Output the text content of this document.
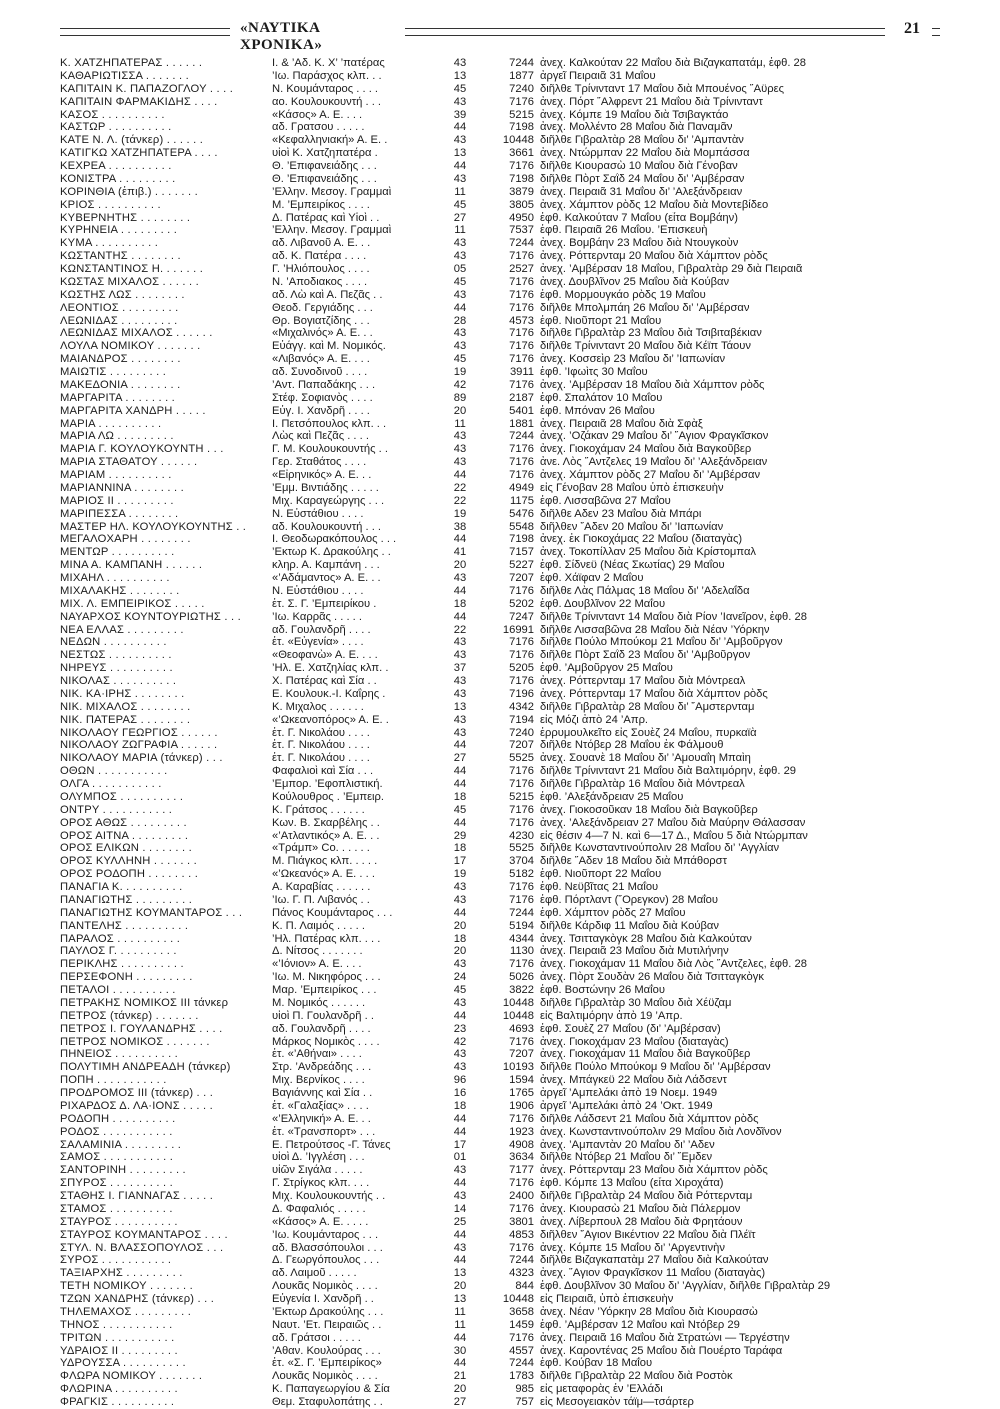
«ΝΑΥΤΙΚΑ ΧΡΟΝΙΚΑ»
21
Κ. ΧΑΤΖΗΠΑΤΕΡΑΣ . . . . . .	I. & ’Αδ. Κ. Χ’ ’πατέρας	43	7244 ἀνεχ. Καλκούταν 22 Μαΐου διὰ Βιζαγκαπατάμ, ἐφθ. 28
ΚΑΘΑΡΙΩΤΙΣΣΑ . . . . . . .	’Ιω. Παράσχος κλπ. . .	13	1877 ἀργεῖ Πειραιᾶ 31 Μαΐου
ΚΑΠΙΤΑΙΝ Κ. ΠΑΠΑΖΟΓΛΟΥ . . . .	Ν. Κουμάνταρος . . . .	45	7240 διῆλθε Τρίνινταντ 17 Μαΐου διὰ Μπουένος ῎Αϋρες
ΚΑΠΙΤΑΙΝ ΦΑΡΜΑΚΙΔΗΣ . . . .	αο. Κουλουκουντή . . .	43	7176 ἀνεχ. Πόρτ ῎Αλφρεντ 21 Μαΐου διὰ Τρίνινταντ
ΚΑΣΟΣ . . . . . . . . . .	«Κάσος» Α. Ε. . . .	39	5215 ἀνεχ. Κόμπε 19 Μαΐου διὰ Τσιβαγκτάο
ΚΑΣΤΩΡ . . . . . . . . . .	αδ. Γρατσου . . . . .	44	7198 ἀνεχ. Μολλέντο 28 Μαΐου διὰ Παναμᾶν
ΚΑΤΕ Ν. Λ. (τάνκερ) . . . . . .	«Κεφαλληνιακή» Α. Ε. .	43	10448 διῆλθε Γιβραλτὰρ 28 Μαΐου δι’ ’Αμπαντὰν
ΚΑΤΙΓΚΩ ΧΑΤΖΗΠΑΤΕΡΑ . . . .	υἱοὶ Κ. Χατζηπατέρα .	13	3661 ἀνεχ. Ντώρμπαν 22 Μαΐου διὰ Μομπάσσα
ΚΕΧΡΕΑ . . . . . . . . . .	Θ. ’Επιφανειάδης . . .	44	7176 διῆλθε Κιουρασὼ 10 Μαΐου διὰ Γένοβαν
ΚΟΝΙΣΤΡΑ . . . . . . . . .	Θ. ’Επιφανειάδης . . .	43	7198 διῆλθε Πὸρτ Σαῒδ 24 Μαΐου δι’ ’Αμβέρσαν
ΚΟΡΙΝΘΙΑ (ἐπιβ.) . . . . . . .	’Ελλην. Μεσογ. Γραμμαὶ	11	3879 ἀνεχ. Πειραιᾶ 31 Μαΐου δι’ ’Αλεξάνδρειαν
ΚΡΙΟΣ . . . . . . . . . .	Μ. ’Εμπειρίκος . . . .	45	3805 ἀνεχ. Χάμπτον ρὸδς 12 Μαΐου διὰ Μοντεβίδεο
ΚΥΒΕΡΝΗΤΗΣ . . . . . . . .	Δ. Πατέρας καὶ Υἱοὶ . .	27	4950 ἐφθ. Καλκούταν 7 Μαΐου (εἶτα Βομβάην)
ΚΥΡΗΝΕΙΑ . . . . . . . . .	’Ελλην. Μεσογ. Γραμμαὶ	11	7537 ἐφθ. Πειραιᾶ 26 Μαΐου. ’Επισκευὴ
ΚΥΜΑ . . . . . . . . . .	αδ. Λιβανοῦ Α. Ε. . .	43	7244 ἀνεχ. Βομβάην 23 Μαΐου διὰ Ντουγκοὺν
ΚΩΣΤΑΝΤΗΣ . . . . . . . .	αδ. Κ. Πατέρα . . . .	43	7176 ἀνεχ. Ρόττερνταμ 20 Μαΐου διὰ Χάμπτον ρὸδς
ΚΩΝΣΤΑΝΤΙΝΟΣ Η. . . . . . .	Γ. ’Ηλιόπουλος . . . .	05	2527 ἀνεχ. ’Αμβέρσαν 18 Μαΐου, Γιβραλτὰρ 29 διὰ Πειραιᾶ
ΚΩΣΤΑΣ ΜΙΧΑΛΟΣ . . . . . .	Ν. ’Αποδιακος . . . .	45	7176 ἀνεχ. Δουβλῖνον 25 Μαΐου διὰ Κούβαν
ΚΩΣΤΗΣ ΛΩΣ . . . . . . . .	αδ. Λὼ καὶ Α. Πεζᾶς . .	43	7176 ἐφθ. Μορμουγκάο ρὸδς 19 Μαΐου
ΛΕΟΝΤΙΟΣ . . . . . . . . .	Θεοδ. Γεργιάδης . . .	44	7176 διῆλθε Μπολμπάη 26 Μαΐου δι’ ’Αμβέρσαν
ΛΕΩΝΙΔΑΣ . . . . . . . . .	Θρ. Βογιατζίδης . . .	28	4573 ἐφθ. Νιοῦπορτ 21 Μαΐου
ΛΕΩΝΙΔΑΣ ΜΙΧΑΛΟΣ . . . . . .	«Μιχαλινός» Α. Ε. . .	43	7176 διῆλθε Γιβραλτὰρ 23 Μαΐου διὰ Τσιβιταβέκιαν
ΛΟΥΛΑ ΝΟΜΙΚΟΥ . . . . . . .	Εὐάγγ. καὶ Μ. Νομικός.	43	7176 διῆλθε Τρίνινταντ 20 Μαΐου διὰ Κέϊπ Τάουν
ΜΑΙΑΝΔΡΟΣ . . . . . . . .	«Λιβανός» Α. Ε. . . .	45	7176 ἀνεχ. Κοσσεὶρ 23 Μαΐου δι’ ’Ιαπωνίαν
ΜΑΙΩΤΙΣ . . . . . . . . .	αδ. Συνοδινοῦ . . . .	19	3911 ἐφθ. ’Ιφωὶτς 30 Μαΐου
ΜΑΚΕΔΟΝΙΑ . . . . . . . .	’Αντ. Παπαδάκης . . .	42	7176 ἀνεχ. ’Αμβέρσαν 18 Μαΐου διὰ Χάμπτον ρὸδς
ΜΑΡΓΑΡΙΤΑ . . . . . . . .	Στέφ. Σοφιανὸς . . . .	89	2187 ἐφθ. Σπαλάτον 10 Μαΐου
ΜΑΡΓΑΡΙΤΑ ΧΑΝΔΡΗ . . . . .	Εὐγ. Ι. Χανδρῆ . . . .	20	5401 ἐφθ. Μπόναν 26 Μαΐου
ΜΑΡΙΑ . . . . . . . . . .	Ι. Πετσόπουλος κλπ. . .	11	1881 ἀνεχ. Πειραιᾶ 28 Μαΐου διὰ Σφὰξ
ΜΑΡΙΑ ΛΩ . . . . . . . . .	Λὼς καὶ Πεζᾶς . . . .	43	7244 ἀνεχ. ’Οζάκαν 29 Μαΐου δι’ ῞Αγιον Φραγκῖσκον
ΜΑΡΙΑ Γ. ΚΟΥΛΟΥΚΟΥΝΤΗ . . .	Γ. Μ. Κουλουκουντής . .	43	7176 ἀνεχ. Γιοκοχάμαν 24 Μαΐου διὰ Βαγκοῦβερ
ΜΑΡΙΑ ΣΤΑΘΑΤΟΥ . . . . . .	Γερ. Σταθάτος . . . .	43	7176 ἀνε. Λὸς ῎Αντζελες 19 Μαΐου δι’ ’Αλεξάνδρειαν
ΜΑΡΙΑΜ . . . . . . . . . .	«Εἰρηνικός» Α. Ε. . .	44	7176 ἀνεχ. Χάμπτον ρὸδς 27 Μαΐου δι’ ’Αμβέρσαν
ΜΑΡΙΑΝΝΙΝΑ . . . . . . . .	’Εμμ. Βιντιάδης . . . . .	22	4949 εἰς Γένοβαν 28 Μαΐου ὑπὸ ἐπισκευὴν
ΜΑΡΙΟΣ ΙΙ . . . . . . . . .	Μιχ. Καραγεώργης . . .	22	1175 ἐφθ. Λισσαβῶνα 27 Μαΐου
ΜΑΡΙΠΕΣΣΑ . . . . . . . .	Ν. Εὐστάθιου . . . .	19	5476 διῆλθε Αδεν 23 Μαΐου διὰ Μπάρι
ΜΑΣΤΕΡ ΗΛ. ΚΟΥΛΟΥΚΟΥΝΤΗΣ . .	αδ. Κουλουκουντή . . .	38	5548 διῆλθεν ῎Αδεν 20 Μαΐου δι’ ’Ιαπωνίαν
ΜΕΓΑΛΟΧΑΡΗ . . . . . . . .	Ι. Θεοδωρακόπουλος . . .	44	7198 ἀνεχ. ἐκ Γιοκοχάμας 22 Μαΐου (διαταγὰς)
ΜΕΝΤΩΡ . . . . . . . . . .	’Εκτωρ Κ. Δρακούλης . .	41	7157 ἀνεχ. Τοκοπίλλαν 25 Μαΐου διὰ Κρίστομπαλ
ΜΙΝΑ Α. ΚΑΜΠΑΝΗ . . . . . .	κληρ. Α. Καμπάνη . . .	20	5227 ἐφθ. Σίδνεϋ (Νέας Σκωτίας) 29 Μαΐου
ΜΙΧΑΗΛ . . . . . . . . . .	«’Αδάμαντος» Α. Ε. . .	43	7207 ἐφθ. Χάϊφαν 2 Μαΐου
ΜΙΧΑΛΑΚΗΣ . . . . . . . .	Ν. Εὐστάθιου . . . .	44	7176 διῆλθε Λὰς Πάλμας 18 Μαΐου δι’ ’Αδελαΐδα
ΜΙΧ. Λ. ΕΜΠΕΙΡΙΚΟΣ . . . . .	ἐτ. Σ. Γ. ’Εμπειρίκου .	18	5202 ἐφθ. Δουβλῖνον 22 Μαΐου
ΝΑΥΑΡΧΟΣ ΚΟΥΝΤΟΥΡΙΩΤΗΣ . . .	’Ιω. Καρρᾶς . . . . .	44	7247 διῆλθε Τρίνινταντ 14 Μαΐου διὰ Ρίον ’Ιανεῖρον, ἐφθ. 28
ΝΕΑ ΕΛΛΑΣ . . . . . . . . .	αδ. Γουλανδρῆ . . . .	22	16991 διῆλθε Λισσαβῶνα 28 Μαΐου διὰ Νέαν ’Υόρκην
ΝΕΔΩΝ . . . . . . . . . .	ἐτ. «Εὐγενία» . . . .	43	7176 διῆλθε Πούλο Μπούκομ 21 Μαΐου δι’ ’Αμβοῦργον
ΝΕΣΤΩΣ . . . . . . . . . .	«Θεοφανὼ» Α. Ε. . . .	43	7176 διῆλθε Πὸρτ Σαῒδ 23 Μαΐου δι’ ’Αμβοῦργον
ΝΗΡΕΥΣ . . . . . . . . . .	’Ηλ. Ε. Χατζηλίας κλπ. .	37	5205 ἐφθ. ’Αμβοῦργον 25 Μαΐου
ΝΙΚΟΛΑΣ . . . . . . . . . .	Χ. Πατέρας καὶ Σία . .	43	7176 ἀνεχ. Ρόττερνταμ 17 Μαΐου διὰ Μόντρεαλ
ΝΙΚ. ΚΑ·ΙΡΗΣ . . . . . . . .	Ε. Κουλουκ.-Ι. Καΐρης .	43	7196 ἀνεχ. Ρόττερνταμ 17 Μαΐου διὰ Χάμπτον ρὸδς
ΝΙΚ. ΜΙΧΑΛΟΣ . . . . . . . .	Κ. Μιχαλος . . . . . .	13	4342 διῆλθε Γιβραλτὰρ 28 Μαΐου δι’ ῎Αμστερνταμ
ΝΙΚ. ΠΑΤΕΡΑΣ . . . . . . . .	«’Ωκεανοπόρος» Α. Ε. .	43	7194 εἰς Μόζι ἀπὸ 24 ’Απρ.
ΝΙΚΟΛΑΟΥ ΓΕΩΡΓΙΟΣ . . . . . .	ἐτ. Γ. Νικολάου . . . .	43	7240 ἐρρυμουλκεῖτο εἰς Σουὲζ 24 Μαΐου, πυρκαϊὰ
ΝΙΚΟΛΑΟΥ ΖΩΓΡΑΦΙΑ . . . . . .	ἐτ. Γ. Νικολάου . . . .	44	7207 διῆλθε Ντόβερ 28 Μαΐου ἐκ Φάλμουθ
ΝΙΚΟΛΑΟΥ ΜΑΡΙΑ (τάνκερ) . . .	ἐτ. Γ. Νικολάου . . . .	27	5525 ἀνεχ. Σουανὲ 18 Μαΐου δι’ ’Αμουαΐη Μπαὶη
ΟΘΩΝ . . . . . . . . . . .	Φαφαλιοὶ καὶ Σία . . .	44	7176 διῆλθε Τρίνινταντ 21 Μαΐου διὰ Βαλτιμόρην, ἐφθ. 29
ΟΛΓΑ . . . . . . . . . . .	’Εμπορ. ’Εφοπλιστική.	44	7176 διῆλθε Γιβραλτὰρ 16 Μαΐου διὰ Μόντρεαλ
ΟΛΥΜΠΟΣ . . . . . . . . . .	Κούλουθρος . ’Εμπειρ.	18	5215 ἐφθ. ’Αλεξάνδρειαν 25 Μαΐου
ΟΝΤΡΥ . . . . . . . . . . .	Κ. Γράτσος . . . . . .	45	7176 ἀνεχ. Γιοκοσοῦκαν 18 Μαΐου διὰ Βαγκοῦβερ
ΟΡΟΣ ΑΘΩΣ . . . . . . . . .	Κων. Β. Σκαρβέλης . .	44	7176 ἀνεχ. ’Αλεξάνδρειαν 27 Μαΐου διὰ Μαύρην Θάλασσαν
ΟΡΟΣ ΑΙΤΝΑ . . . . . . . . .	«’Ατλαντικός» Α. Ε. . .	29	4230 εἰς θέσιν 4—7 Ν. καὶ 6—17 Δ., Μαΐου 5 διὰ Ντώρμπαν
ΟΡΟΣ ΕΛΙΚΩΝ . . . . . . . .	«Τράμπ» Co. . . . . .	18	5525 διῆλθε Κωνσταντινούπολιν 28 Μαΐου δι’ ’Αγγλίαν
ΟΡΟΣ ΚΥΛΛΗΝΗ . . . . . . .	Μ. Πιάγκος κλπ. . . . .	17	3704 διῆλθε ῎Αδεν 18 Μαΐου διὰ Μπάθορστ
ΟΡΟΣ ΡΟΔΟΠΗ . . . . . . . .	«’Ωκεανός» Α. Ε. . . .	19	5182 ἐφθ. Νιοῦπορτ 22 Μαΐου
ΠΑΝΑΓΙΑ Κ. . . . . . . . . .	Α. Καραβίας . . . . . .	43	7176 ἐφθ. Νεϋβῖτας 21 Μαΐου
ΠΑΝΑΓΙΩΤΗΣ . . . . . . . . .	’Ιω. Γ. Π. Λιβανός . .	43	7176 ἐφθ. Πόρτλαντ (῎Ορεγκον) 28 Μαΐου
ΠΑΝΑΓΙΩΤΗΣ ΚΟΥΜΑΝΤΑΡΟΣ . . .	Πάνος Κουμάνταρος . . .	44	7244 ἐφθ. Χάμπτον ρὸδς 27 Μαΐου
ΠΑΝΤΕΛΗΣ . . . . . . . . . .	Κ. Π. Λαιμός . . . . .	20	5194 διῆλθε Κάρδιφ 11 Μαΐου διὰ Κούβαν
ΠΑΡΑΛΟΣ . . . . . . . . . .	’Ηλ. Πατέρας κλπ. . . .	18	4344 ἀνεχ. Τσιτταγκὸγκ 28 Μαΐου διὰ Καλκούταν
ΠΑΥΛΟΣ Γ. . . . . . . . . .	Δ. Νίτσος . . . . . . .	20	1130 ἀνεχ. Πειραιᾶ 23 Μαΐου διὰ Μυτιλήνην
ΠΕΡΙΚΛΗΣ . . . . . . . . . .	«’Ιόνιον» Α. Ε. . . .	43	7176 ἀνεχ. Γιοκοχάμαν 11 Μαΐου διὰ Λὸς ῎Αντζελες, ἐφθ. 28
ΠΕΡΣΕΦΟΝΗ . . . . . . . . .	’Ιω. Μ. Νικηφόρος . . .	24	5026 ἀνεχ. Πὸρτ Σουδὰν 26 Μαΐου διὰ Τσιτταγκὸγκ
ΠΕΤΑΛΟΙ . . . . . . . . . .	Μαρ. ’Εμπειρίκος . . .	45	3822 ἐφθ. Βοστώνην 26 Μαΐου
ΠΕΤΡΑΚΗΣ ΝΟΜΙΚΟΣ ΙΙΙ τάνκερ	Μ. Νομικός . . . . . .	43	10448 διῆλθε Γιβραλτὰρ 30 Μαΐου διὰ Χέϋζαμ
ΠΕΤΡΟΣ (τάνκερ) . . . . . . .	υἱοὶ Π. Γουλανδρῆ . .	44	10448 εἰς Βαλτιμόρην ἀπὸ 19 ’Απρ.
ΠΕΤΡΟΣ Ι. ΓΟΥΛΑΝΔΡΗΣ . . . .	αδ. Γουλανδρῆ . . . .	23	4693 ἐφθ. Σουὲζ 27 Μαΐου (δι’ ’Αμβέρσαν)
ΠΕΤΡΟΣ ΝΟΜΙΚΟΣ . . . . . . .	Μάρκος Νομικὸς . . . .	42	7176 ἀνεχ. Γιοκοχάμαν 23 Μαΐου (διαταγὰς)
ΠΗΝΕΙΟΣ . . . . . . . . . .	ἐτ. «’Αθήναι» . . . .	43	7207 ἀνεχ. Γιοκοχάμαν 11 Μαΐου διὰ Βαγκοῦβερ
ΠΟΛΥΤΙΜΗ ΑΝΔΡΕΑΔΗ (τάνκερ)	Στρ. ’Ανδρεάδης . . .	43	10193 διῆλθε Πούλο Μπούκομ 9 Μαΐου δι’ ’Αμβέρσαν
ΠΟΠΗ . . . . . . . . . . .	Μιχ. Βερνίκος . . . .	96	1594 ἀνεχ. Μπάγκεϋ 22 Μαΐου διὰ Λάδσεντ
ΠΡΟΔΡΟΜΟΣ ΙΙΙ (τάνκερ) . . .	Βαγιάννης καὶ Σία . .	16	1765 ἀργεῖ ’Αμπελάκι ἀπὸ 19 Νοεμ. 1949
ΡΙΧΑΡΔΟΣ Δ. ΛΑ·ΙΟΝΣ . . . . .	ἐτ. «Γαλαξίας» . . . .	18	1906 ἀργεῖ ’Αμπελάκι ἀπὸ 24 ’Οκτ. 1949
ΡΟΔΟΠΗ . . . . . . . . . .	«’Ελληνική» Α. Ε. . .	44	7176 διῆλθε Λάδσεντ 21 Μαΐου διὰ Χάμπτον ρὸδς
ΡΟΔΟΣ . . . . . . . . . . .	ἐτ. «Τρανσπορτ» . . .	44	1923 ἀνεχ. Κωνσταντινούπολιν 29 Μαΐου διὰ Λονδῖνον
ΣΑΛΑΜΙΝΙΑ . . . . . . . . .	Ε. Πετρούτσος -Γ. Τάνες	17	4908 ἀνεχ. ’Αμπαντὰν 20 Μαΐου δι’ ’Αδεν
ΣΑΜΟΣ . . . . . . . . . . .	υἱοὶ Δ. ’Ιγγλέση . . .	01	3634 διῆλθε Ντόβερ 21 Μαΐου δι’ ῎Εμδεν
ΣΑΝΤΟΡΙΝΗ . . . . . . . . .	υἱῶν Σιγάλα . . . . .	43	7177 ἀνεχ. Ρόττερνταμ 23 Μαΐου διὰ Χάμπτον ρὸδς
ΣΠΥΡΟΣ . . . . . . . . . .	Γ. Στρίγκος κλπ. . . .	44	7176 ἐφθ. Κόμπε 13 Μαΐου (εἶτα Χιροχάτα)
ΣΤΑΘΗΣ Ι. ΓΙΑΝΝΑΓΑΣ . . . . .	Μιχ. Κουλουκουντής . .	43	2400 διῆλθε Γιβραλτὰρ 24 Μαΐου διὰ Ρόττερνταμ
ΣΤΑΜΟΣ . . . . . . . . . .	Δ. Φαφαλιός . . . . .	14	7176 ἀνεχ. Κιουρασὼ 21 Μαΐου διὰ Πάλερμον
ΣΤΑΥΡΟΣ . . . . . . . . . .	«Κάσος» Α. Ε. . . . .	25	3801 ἀνεχ. Λίβερπουλ 28 Μαΐου διὰ Φρητάουν
ΣΤΑΥΡΟΣ ΚΟΥΜΑΝΤΑΡΟΣ . . . .	’Ιω. Κουμάνταρος . . .	44	4853 διῆλθεν ῞Αγιον Βικέντιον 22 Μαΐου διὰ Πλέϊτ
ΣΤΥΛ. Ν. ΒΛΑΣΣΟΠΟΥΛΟΣ . . .	αδ. Βλασσόπουλοι . . .	43	7176 ἀνεχ. Κόμπε 15 Μαΐου δι’ ’Αργεντινὴν
ΣΥΡΟΣ . . . . . . . . . . .	Δ. Γεωργόπουλος . . .	44	7244 διῆλθε Βιζαγκαπατὰμ 27 Μαΐου διὰ Καλκούταν
ΤΑΞΙΑΡΧΗΣ . . . . . . . . .	αδ. Λαιμοῦ . . . . .	13	4323 ἀνεχ. ῞Αγιον Φραγκῖσκον 11 Μαΐου (διαταγὰς)
ΤΕΤΗ ΝΟΜΙΚΟΥ . . . . . . .	Λουκᾶς Νομικὸς . . . .	20	844 ἐφθ. Δουβλῖνον 30 Μαΐου δι’ ’Αγγλίαν, διῆλθε Γιβραλτὰρ 29
ΤΖΩΝ ΧΑΝΔΡΗΣ (τάνκερ) . . .	Εὐγενία Ι. Χανδρῆ . .	13	10448 εἰς Πειραιᾶ, ὑπὸ ἐπισκευὴν
ΤΗΛΕΜΑΧΟΣ . . . . . . . . .	’Εκτωρ Δρακούλης . . .	11	3658 ἀνεχ. Νέαν ’Υόρκην 28 Μαΐου διὰ Κιουρασὼ
ΤΗΝΟΣ . . . . . . . . . . .	Ναυτ. ’Ετ. Πειραιῶς . .	11	1459 ἐφθ. ’Αμβέρσαν 12 Μαΐου καὶ Ντόβερ 29
ΤΡΙΤΩΝ . . . . . . . . . . .	αδ. Γράτσοι . . . . .	44	7176 ἀνεχ. Πειραιᾶ 16 Μαΐου διὰ Στρατώνι — Τεργέστην
ΥΔΡΑΙΟΣ ΙΙ . . . . . . . . .	’Αθαν. Κουλούρας . . .	30	4557 ἀνεχ. Καροντένας 25 Μαΐου διὰ Πουέρτο Ταράφα
ΥΔΡΟΥΣΣΑ . . . . . . . . . .	ἐτ. «Σ. Γ. ’Εμπειρίκος»	44	7244 ἐφθ. Κούβαν 18 Μαΐου
ΦΛΩΡΑ ΝΟΜΙΚΟΥ . . . . . . .	Λουκᾶς Νομικὸς . . . .	21	1783 διῆλθε Γιβραλτὰρ 22 Μαΐου διὰ Ροστὸκ
ΦΛΩΡΙΝΑ . . . . . . . . . .	Κ. Παπαγεωργίου & Σία	20	985 εἰς μεταφορὰς ἐν ’Ελλάδι
ΦΡΑΓΚΙΣ . . . . . . . . . .	Θεμ. Σταφυλοπάτης . .	27	757 εἰς Μεσογειακὸν τάϊμ—τσάρτερ
